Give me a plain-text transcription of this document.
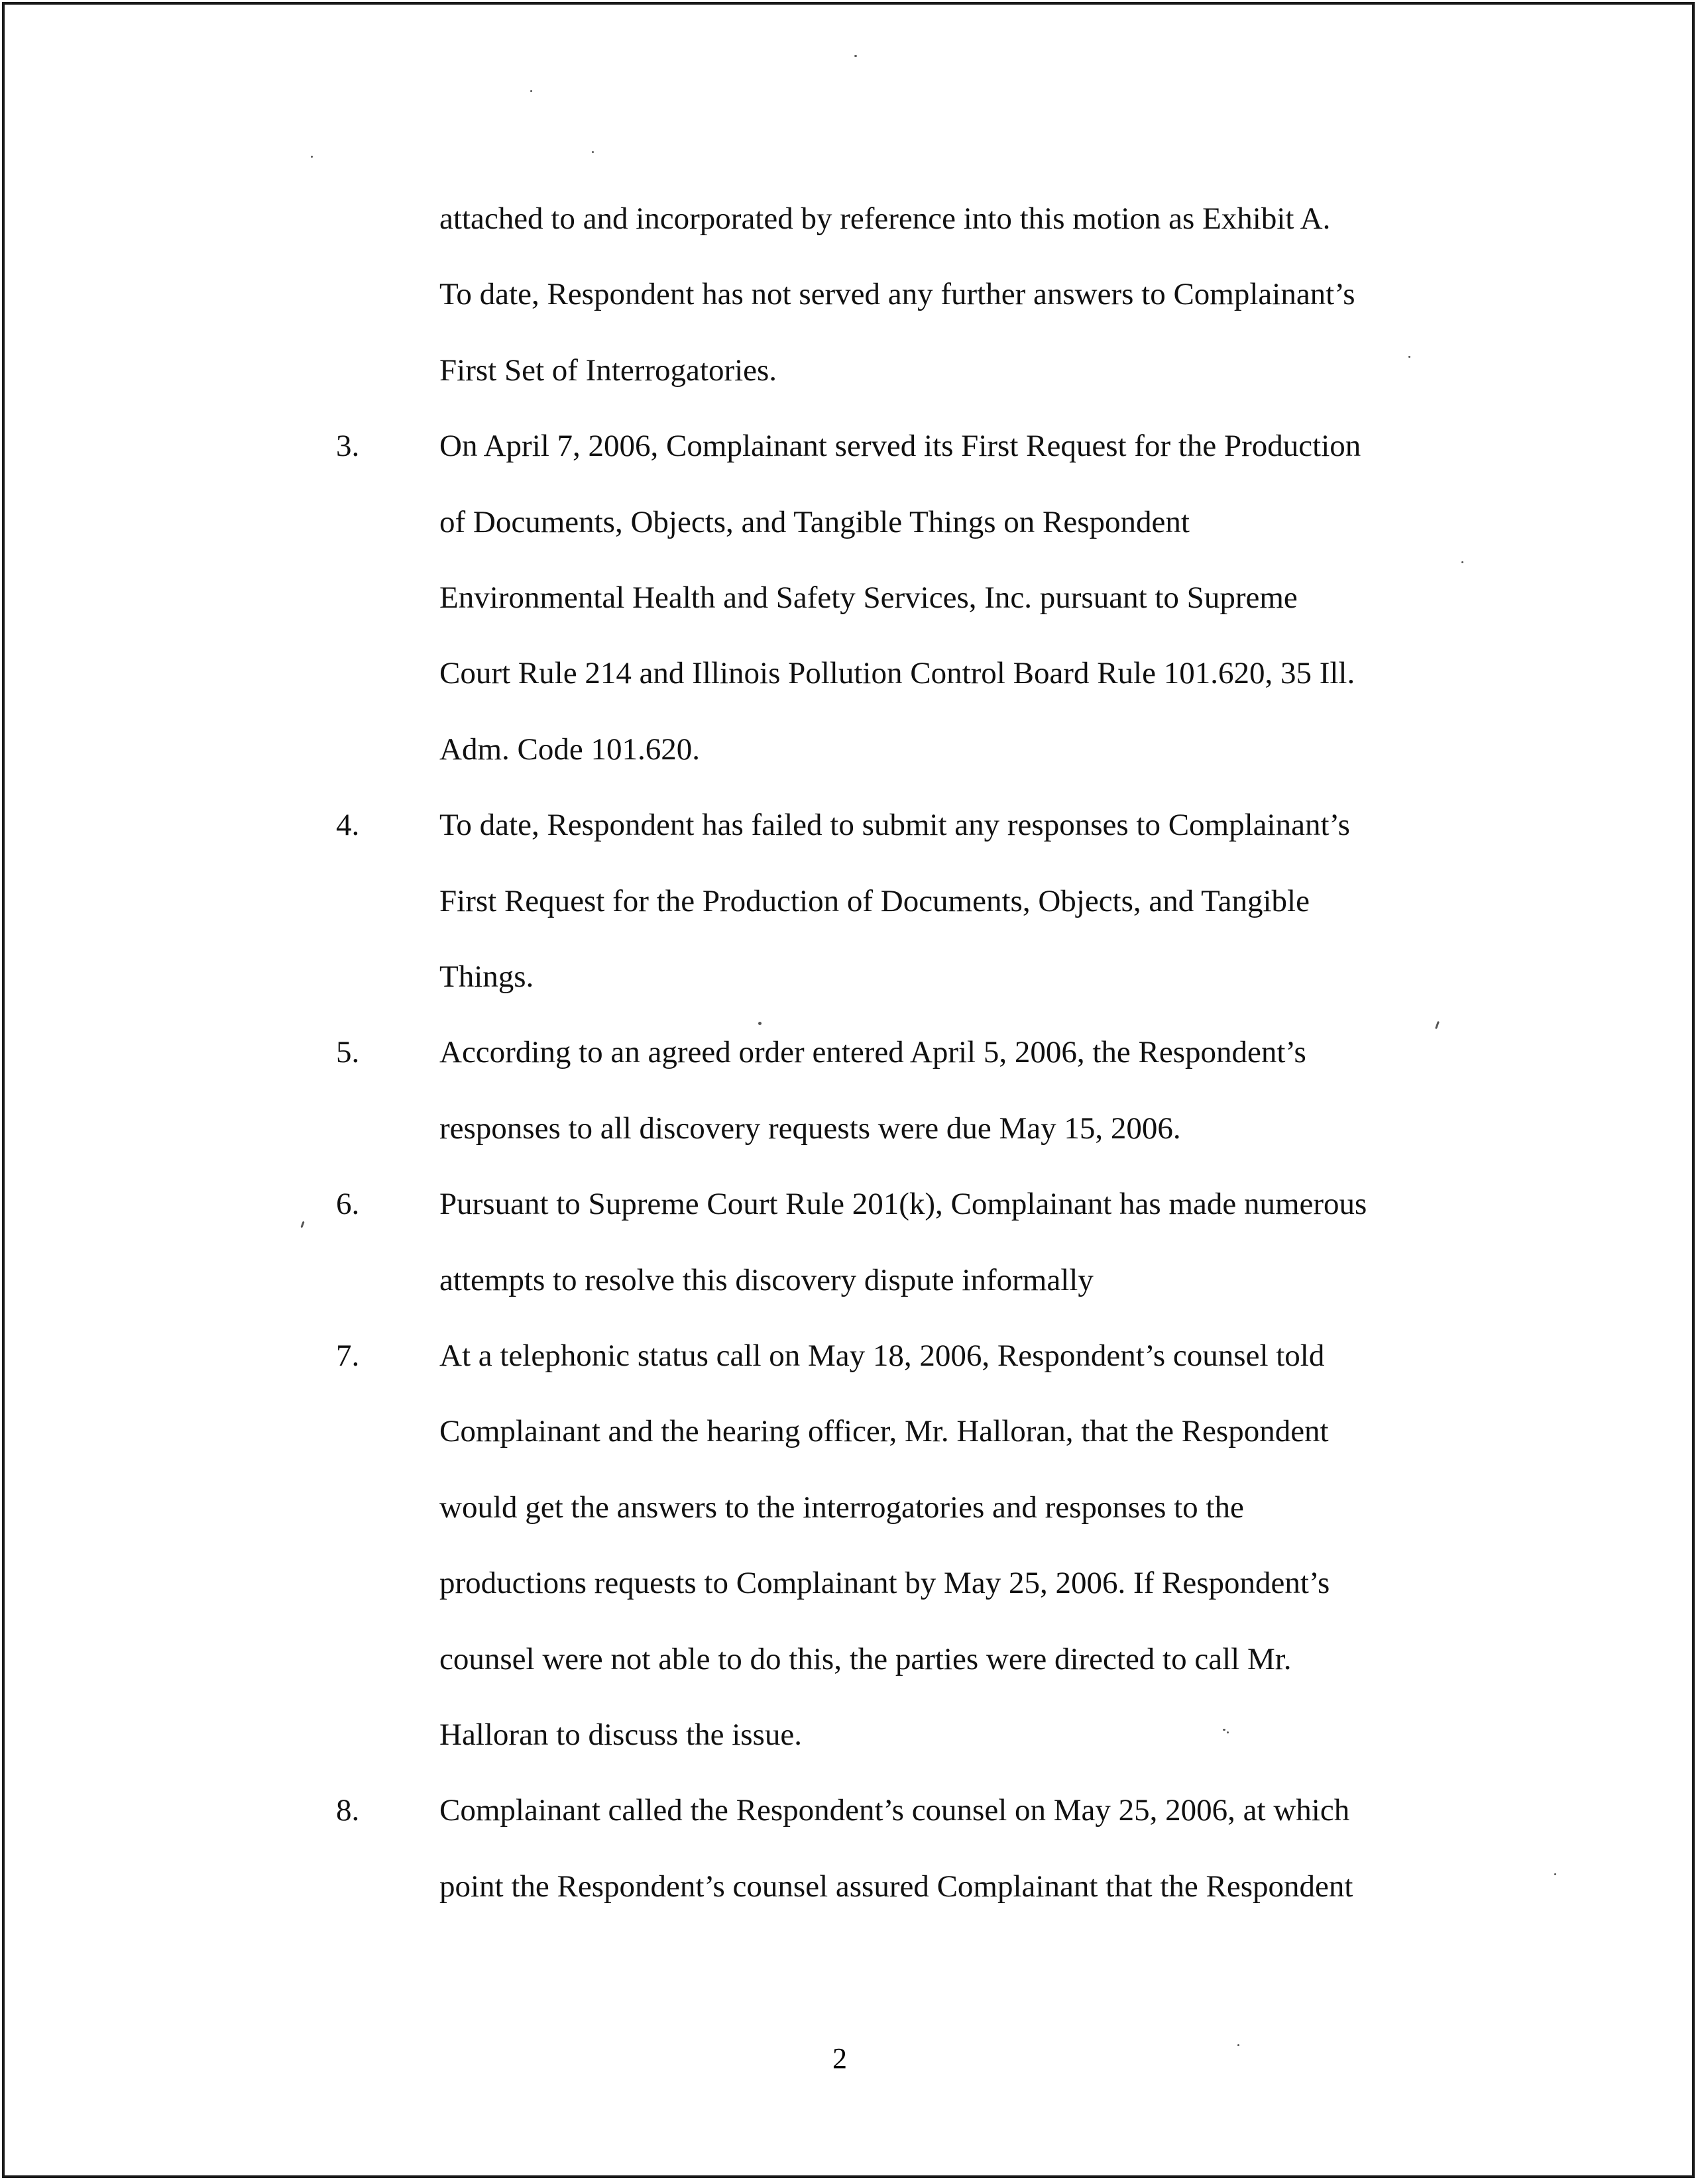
attached to and incorporated by reference into this motion as Exhibit A.
To date, Respondent has not served any further answers to Complainant’s
First Set of Interrogatories.
3.	On April 7, 2006, Complainant served its First Request for the Production
of Documents, Objects, and Tangible Things on Respondent
Environmental Health and Safety Services, Inc. pursuant to Supreme
Court Rule 214 and Illinois Pollution Control Board Rule 101.620, 35 Ill.
Adm. Code 101.620.
4.	To date, Respondent has failed to submit any responses to Complainant’s
First Request for the Production of Documents, Objects, and Tangible
Things.
5.	According to an agreed order entered April 5, 2006, the Respondent’s
responses to all discovery requests were due May 15, 2006.
6.	Pursuant to Supreme Court Rule 201(k), Complainant has made numerous
attempts to resolve this discovery dispute informally
7.	At a telephonic status call on May 18, 2006, Respondent’s counsel told
Complainant and the hearing officer, Mr. Halloran, that the Respondent
would get the answers to the interrogatories and responses to the
productions requests to Complainant by May 25, 2006. If Respondent’s
counsel were not able to do this, the parties were directed to call Mr.
Halloran to discuss the issue.
8.	Complainant called the Respondent’s counsel on May 25, 2006, at which
point the Respondent’s counsel assured Complainant that the Respondent
2
